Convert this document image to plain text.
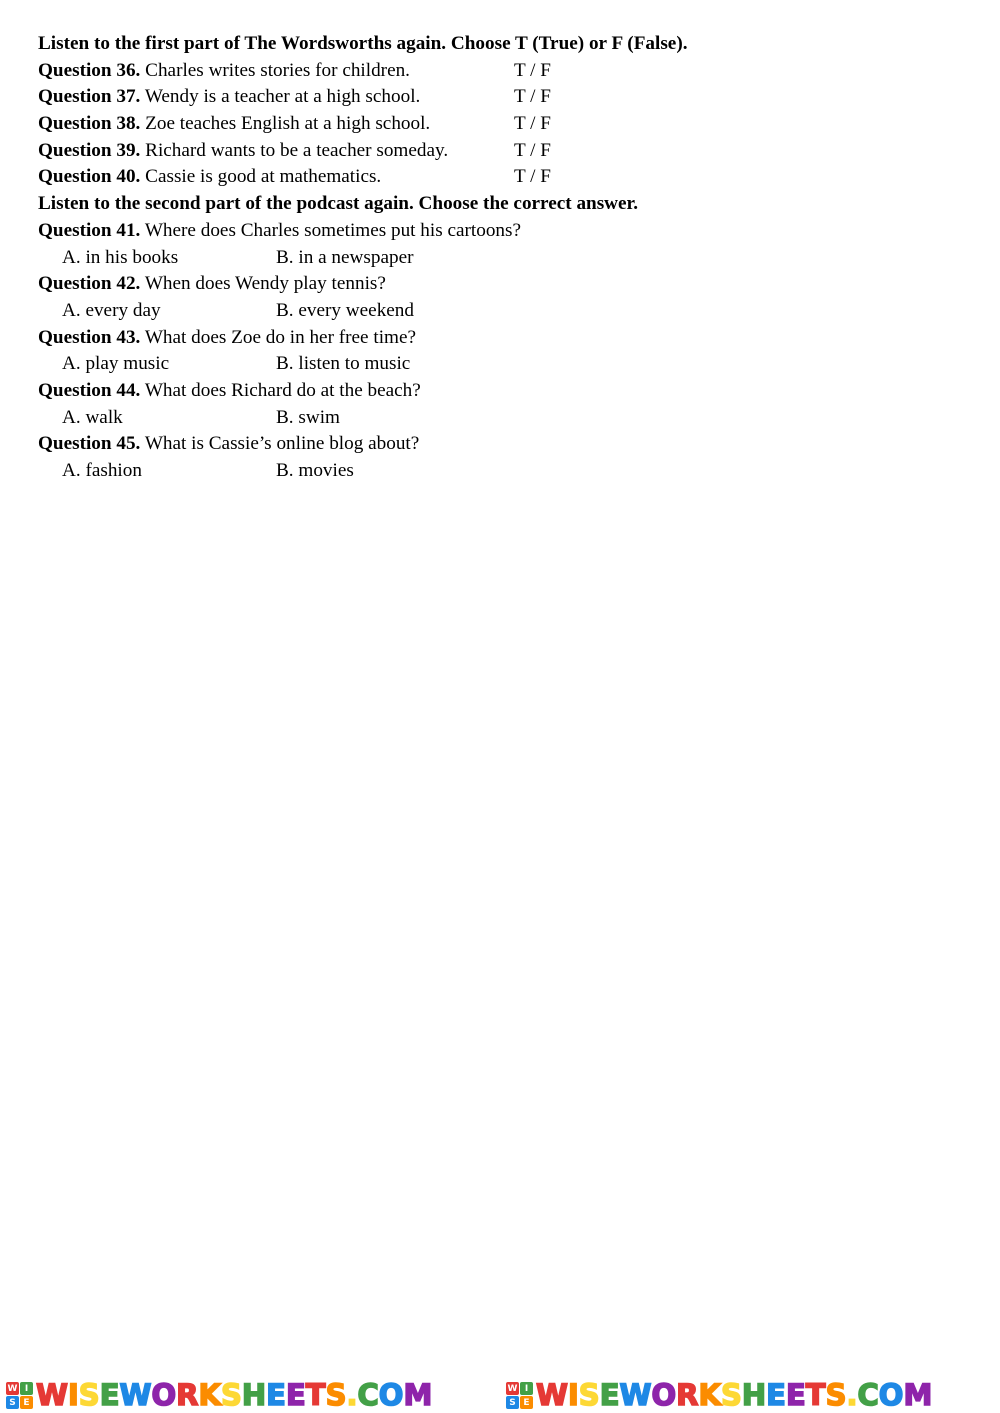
Listen to the first part of The Wordsworths again. Choose T (True) or F (False).
Question 36. Charles writes stories for children.	T / F
Question 37. Wendy is a teacher at a high school.	T / F
Question 38. Zoe teaches English at a high school.	T / F
Question 39. Richard wants to be a teacher someday.	T / F
Question 40. Cassie is good at mathematics.	T / F
Listen to the second part of the podcast again. Choose the correct answer.
Question 41. Where does Charles sometimes put his cartoons?
A. in his books	B. in a newspaper
Question 42. When does Wendy play tennis?
A. every day	B. every weekend
Question 43. What does Zoe do in her free time?
A. play music	B. listen to music
Question 44. What does Richard do at the beach?
A. walk	B. swim
Question 45. What is Cassie’s online blog about?
A. fashion	B. movies
W I
S E W I S E W O R K S H E E T S . C O M	W I
S E W I S E W O R K S H E E T S . C O M
